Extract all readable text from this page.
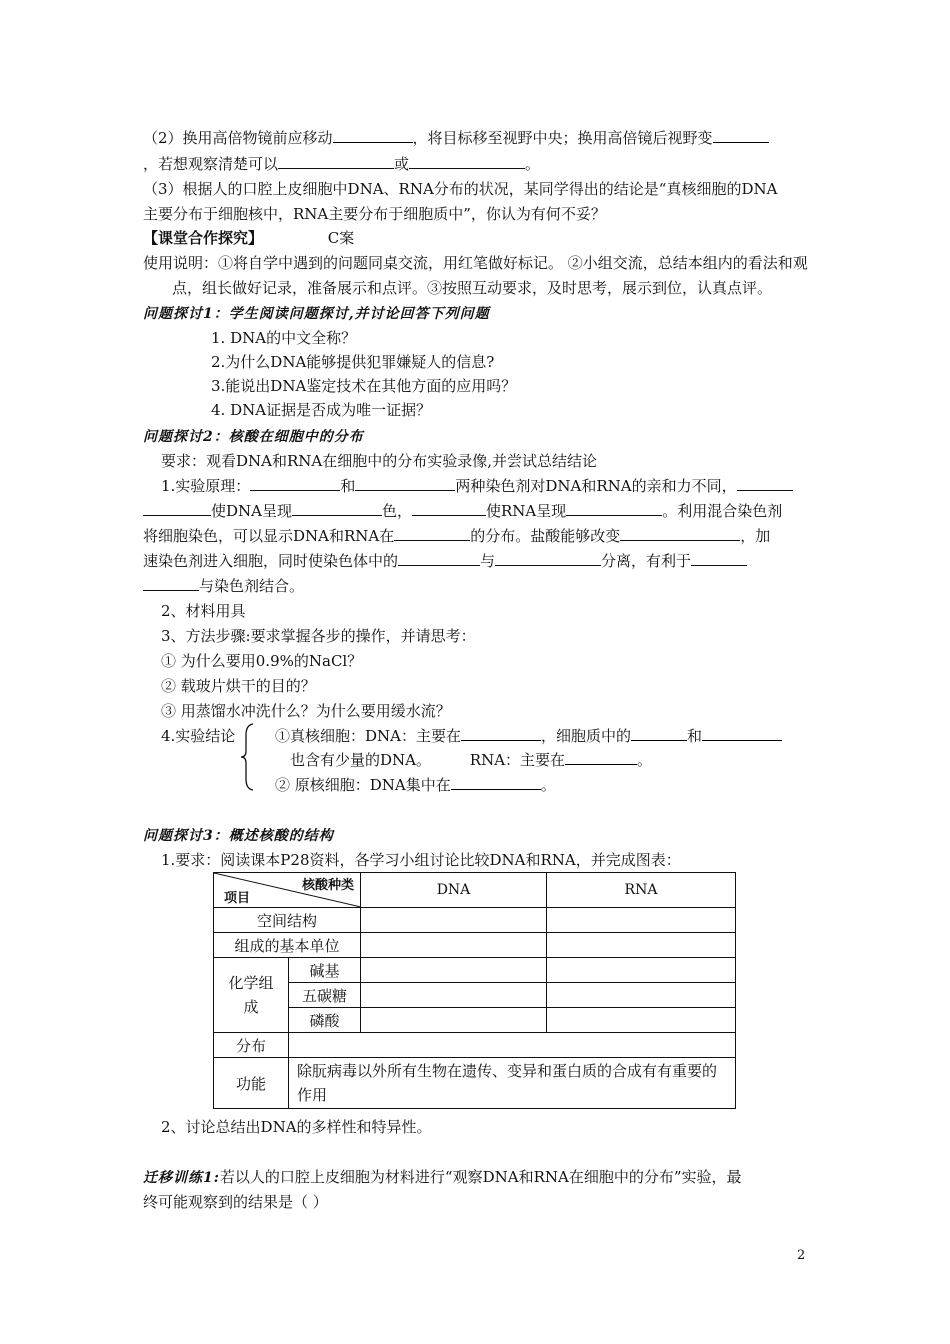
（2）换用高倍物镜前应移动	，将目标移至视野中央；换用高倍镜后视野变
，若想观察清楚可以	或	。
（3）根据人的口腔上皮细胞中DNA、RNA分布的状况，某同学得出的结论是“真核细胞的DNA
主要分布于细胞核中，RNA主要分布于细胞质中”，你认为有何不妥？
【课堂合作探究】	C案
使用说明：①将自学中遇到的问题同桌交流，用红笔做好标记。 ②小组交流，总结本组内的看法和观
点，组长做好记录，准备展示和点评。③按照互动要求，及时思考，展示到位，认真点评。
问题探讨1：学生阅读问题探讨,并讨论回答下列问题
1. DNA的中文全称？
2.为什么DNA能够提供犯罪嫌疑人的信息?
3.能说出DNA鉴定技术在其他方面的应用吗？
4. DNA证据是否成为唯一证据？
问题探讨2：核酸在细胞中的分布
要求：观看DNA和RNA在细胞中的分布实验录像,并尝试总结结论
1.实验原理：	和	两种染色剂对DNA和RNA的亲和力不同，
使DNA呈现	色，	使RNA呈现	。利用混合染色剂
将细胞染色，可以显示DNA和RNA在	的分布。盐酸能够改变	，加
速染色剂进入细胞，同时使染色体中的	与	分离，有利于
与染色剂结合。
2、材料用具
3、方法步骤:要求掌握各步的操作，并请思考：
① 为什么要用0.9%的NaCl？
② 载玻片烘干的目的？
③ 用蒸馏水冲洗什么？为什么要用缓水流？
4.实验结论	①真核细胞：DNA：主要在	，细胞质中的	和
也含有少量的DNA。	RNA：主要在	。
② 原核细胞：DNA集中在	。
问题探讨3：概述核酸的结构
1.要求：阅读课本P28资料，各学习小组讨论比较DNA和RNA，并完成图表：
核酸种类
项目		DNA	RNA
空间结构			
组成的基本单位			
化学组成	碱基		
	五碳糖		
	磷酸		
分布			
功能	除朊病毒以外所有生物在遗传、变异和蛋白质的合成有有重要的作用		
2、讨论总结出DNA的多样性和特异性。
迁移训练1:若以人的口腔上皮细胞为材料进行“观察DNA和RNA在细胞中的分布”实验，最
终可能观察到的结果是（ ）
2
